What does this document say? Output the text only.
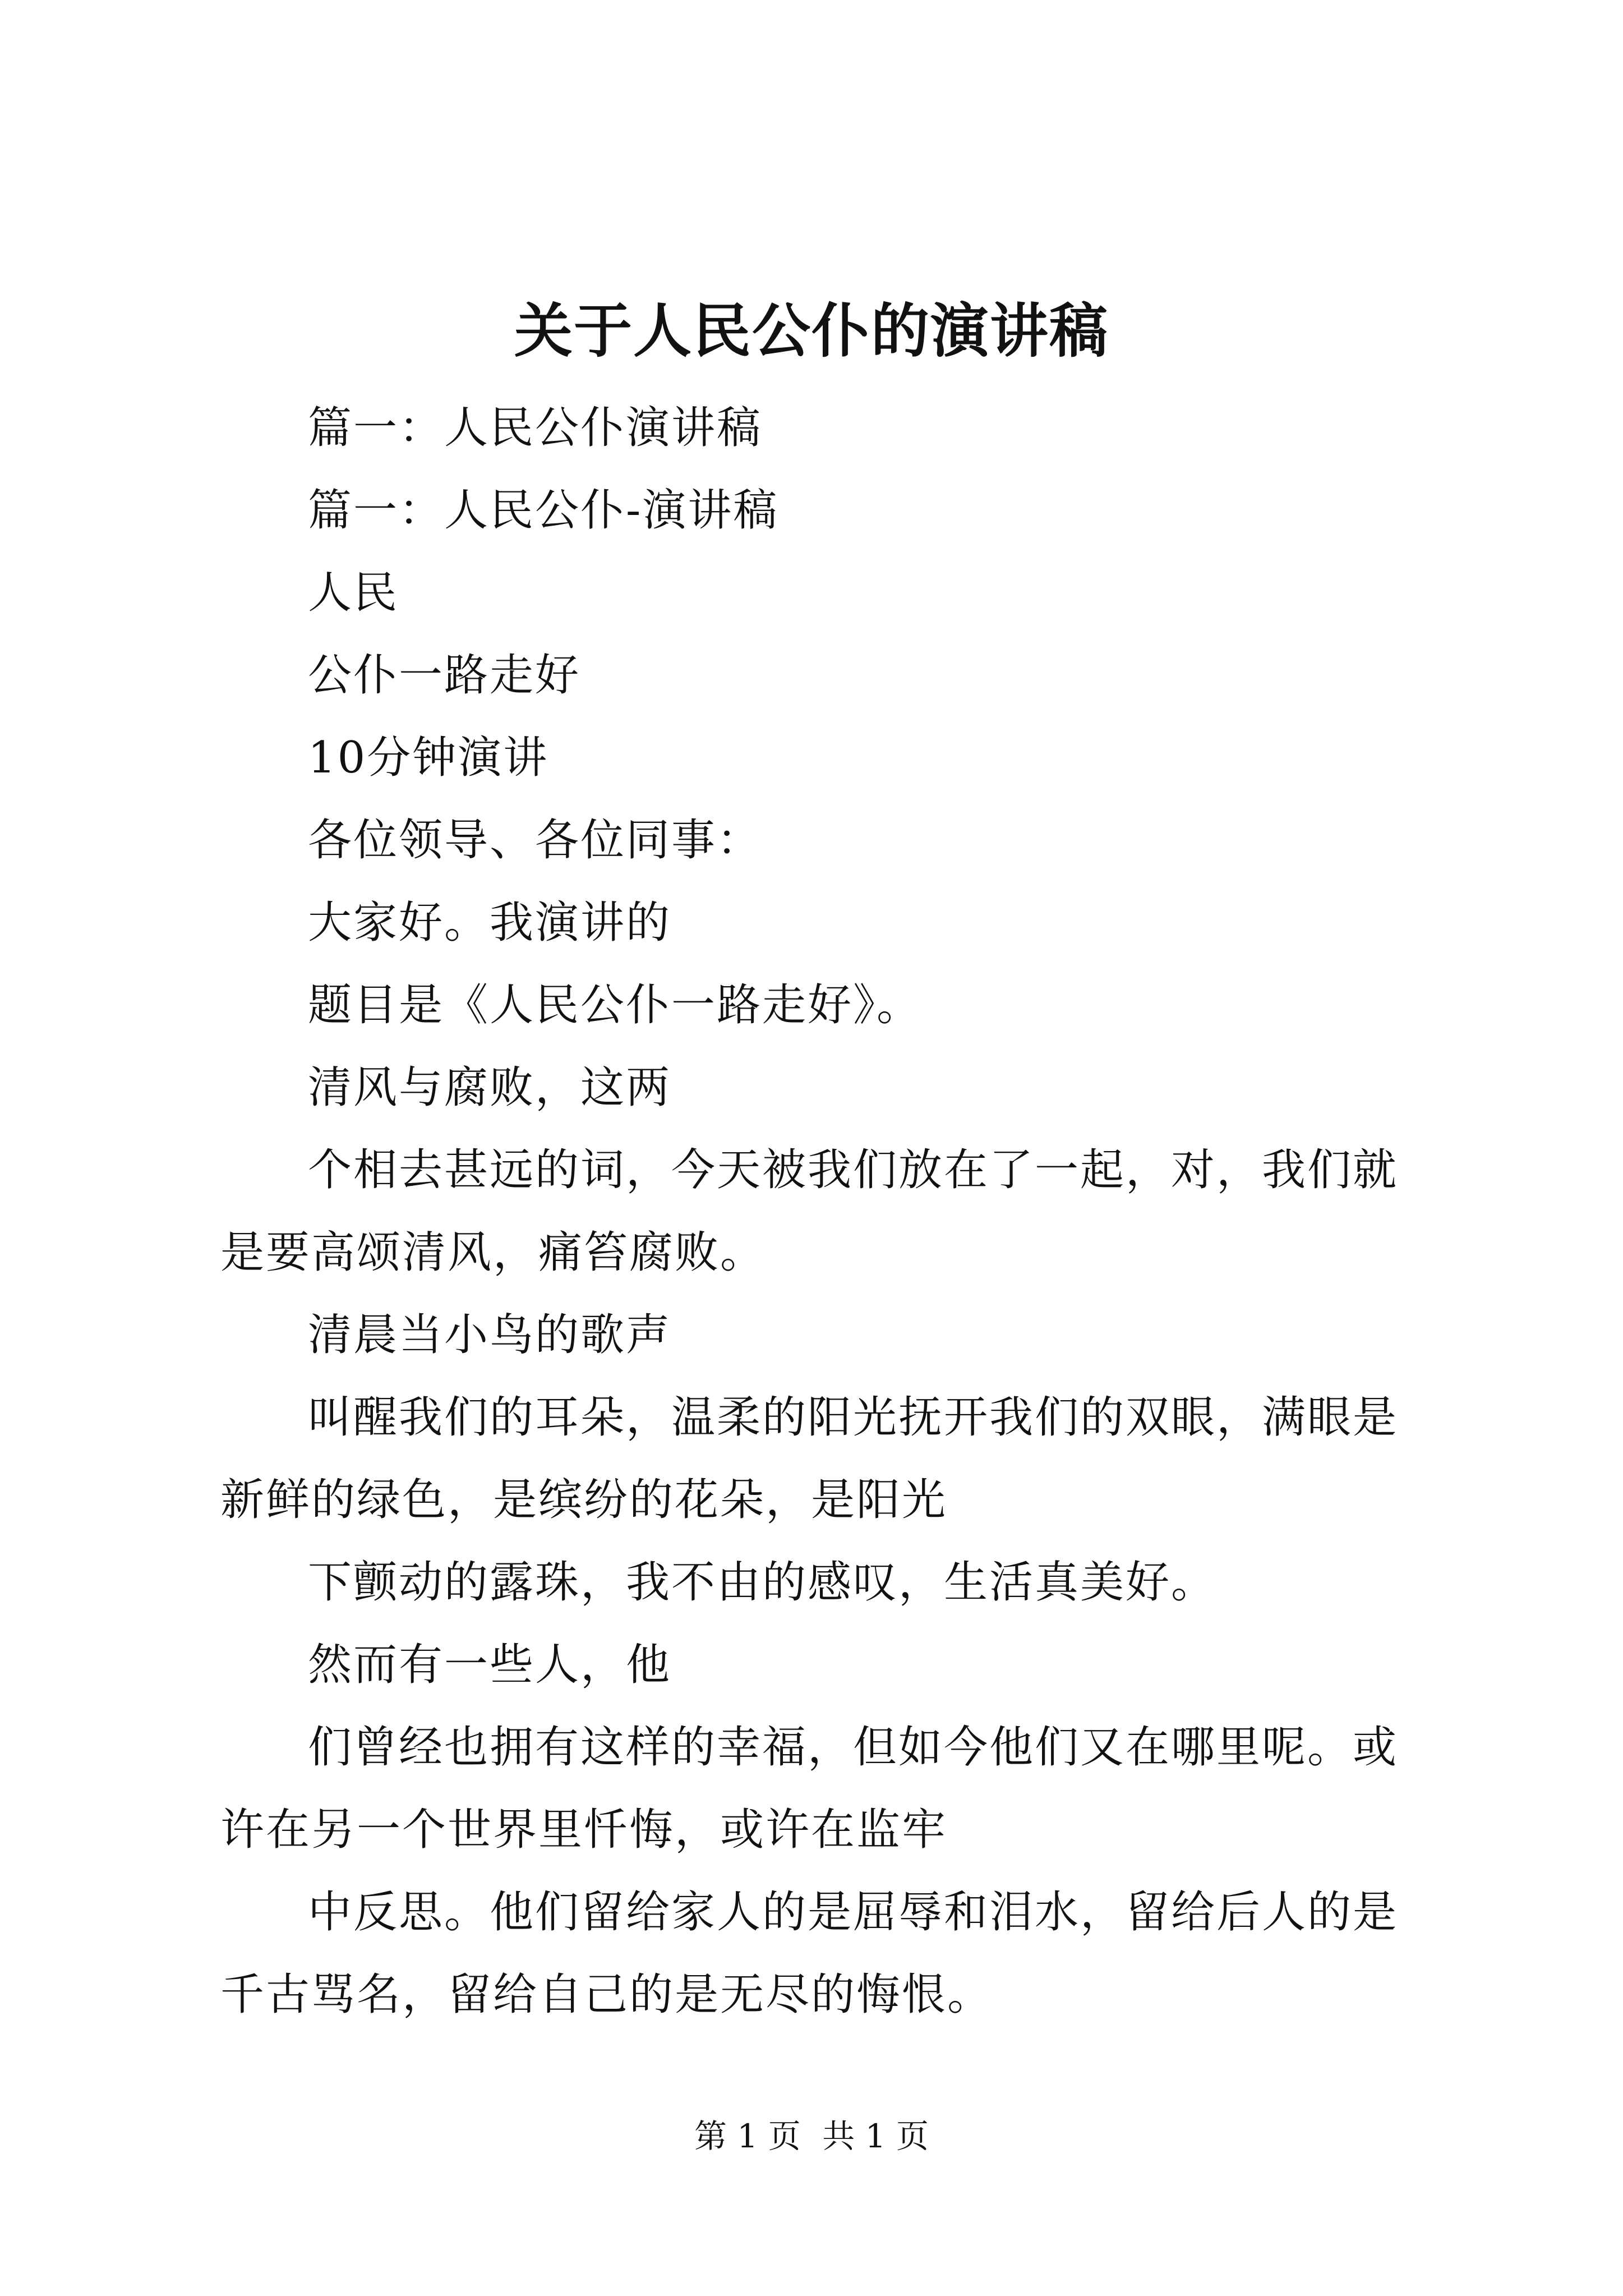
关于人民公仆的演讲稿

篇一：人民公仆演讲稿

篇一：人民公仆-演讲稿

人民

公仆一路走好

10分钟演讲

各位领导、各位同事：

大家好。我演讲的

题目是《人民公仆一路走好》。

清风与腐败，这两

个相去甚远的词，今天被我们放在了一起，对，我们就是要高颂清风，痛笞腐败。

清晨当小鸟的歌声

叫醒我们的耳朵，温柔的阳光抚开我们的双眼，满眼是新鲜的绿色，是缤纷的花朵，是阳光

下颤动的露珠，我不由的感叹，生活真美好。

然而有一些人，他

们曾经也拥有这样的幸福，但如今他们又在哪里呢。或许在另一个世界里忏悔，或许在监牢

中反思。他们留给家人的是屈辱和泪水，留给后人的是千古骂名，留给自己的是无尽的悔恨。

第 1 页 共 1 页
